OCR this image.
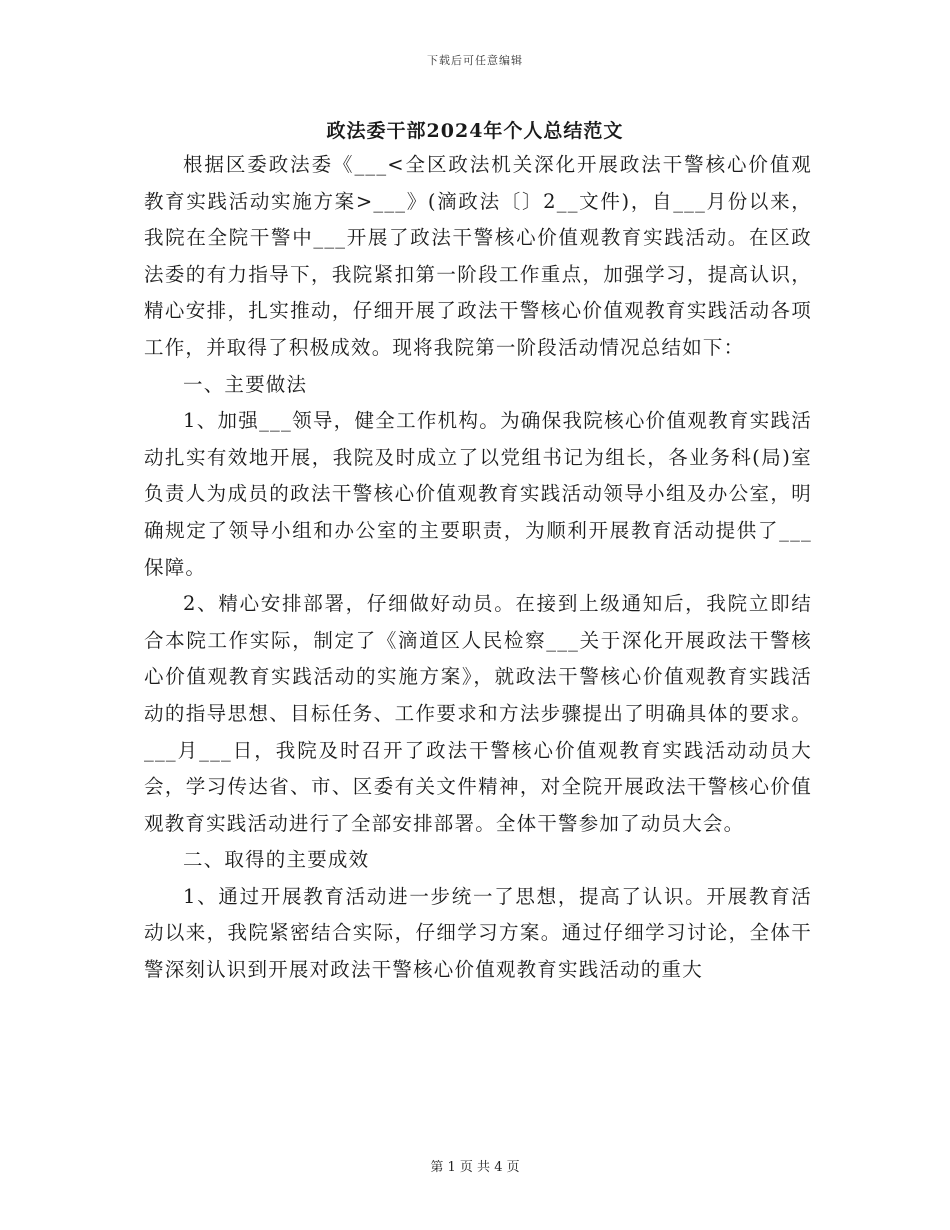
下载后可任意编辑
政法委干部2024年个人总结范文

根据区委政法委《___<全区政法机关深化开展政法干警核心价值观教育实践活动实施方案>___》(滴政法〔〕2__文件)，自___月份以来，我院在全院干警中___开展了政法干警核心价值观教育实践活动。在区政法委的有力指导下，我院紧扣第一阶段工作重点，加强学习，提高认识，精心安排，扎实推动，仔细开展了政法干警核心价值观教育实践活动各项工作，并取得了积极成效。现将我院第一阶段活动情况总结如下：

一、主要做法

1、加强___领导，健全工作机构。为确保我院核心价值观教育实践活动扎实有效地开展，我院及时成立了以党组书记为组长，各业务科(局)室负责人为成员的政法干警核心价值观教育实践活动领导小组及办公室，明确规定了领导小组和办公室的主要职责，为顺利开展教育活动提供了___保障。

2、精心安排部署，仔细做好动员。在接到上级通知后，我院立即结合本院工作实际，制定了《滴道区人民检察___关于深化开展政法干警核心价值观教育实践活动的实施方案》，就政法干警核心价值观教育实践活动的指导思想、目标任务、工作要求和方法步骤提出了明确具体的要求。___月___日，我院及时召开了政法干警核心价值观教育实践活动动员大会，学习传达省、市、区委有关文件精神，对全院开展政法干警核心价值观教育实践活动进行了全部安排部署。全体干警参加了动员大会。

二、取得的主要成效

1、通过开展教育活动进一步统一了思想，提高了认识。开展教育活动以来，我院紧密结合实际，仔细学习方案。通过仔细学习讨论，全体干警深刻认识到开展对政法干警核心价值观教育实践活动的重大

第 1 页 共 4 页
